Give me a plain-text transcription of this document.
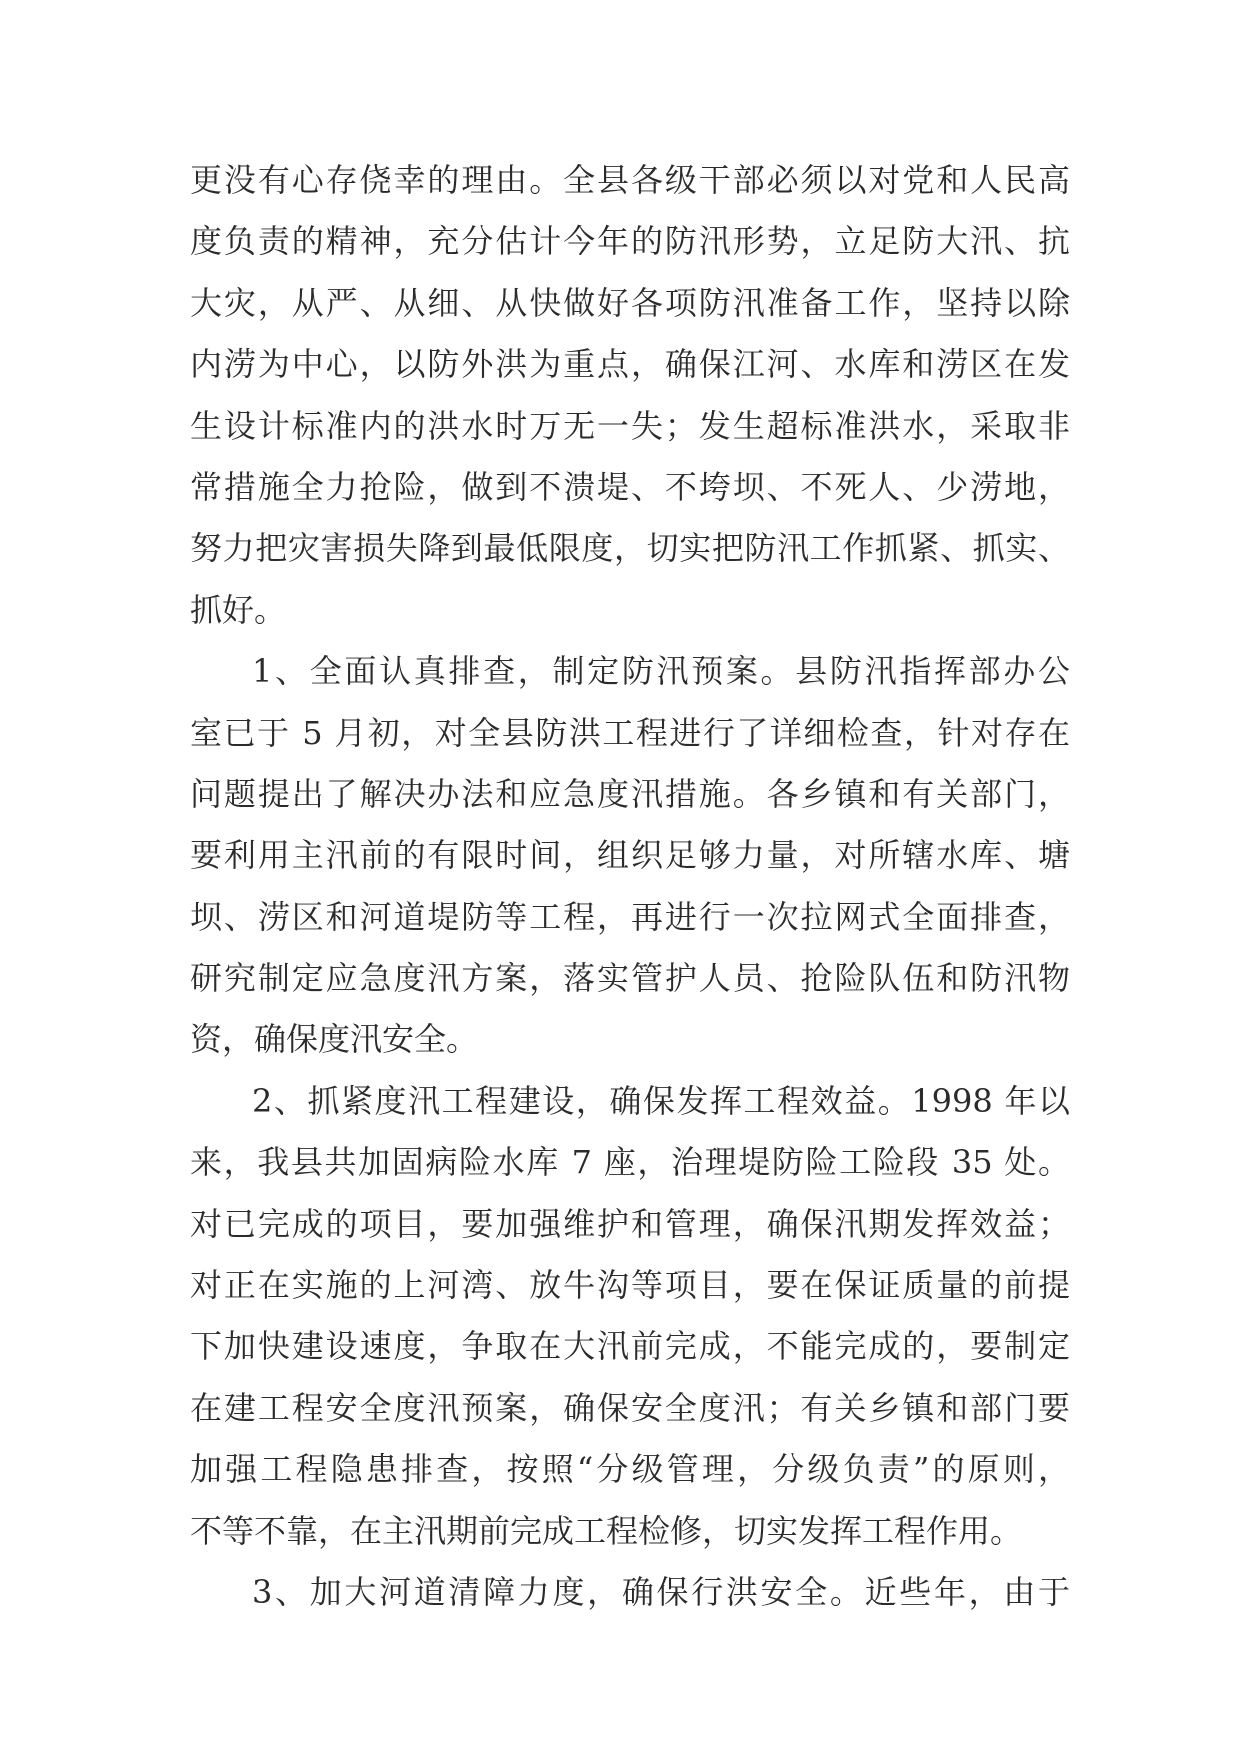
更没有心存侥幸的理由。全县各级干部必须以对党和人民高
度负责的精神，充分估计今年的防汛形势，立足防大汛、抗
大灾，从严、从细、从快做好各项防汛准备工作，坚持以除
内涝为中心，以防外洪为重点，确保江河、水库和涝区在发
生设计标准内的洪水时万无一失；发生超标准洪水，采取非
常措施全力抢险，做到不溃堤、不垮坝、不死人、少涝地，
努力把灾害损失降到最低限度，切实把防汛工作抓紧、抓实、
抓好。
1、全面认真排查，制定防汛预案。县防汛指挥部办公
室已于 5 月初，对全县防洪工程进行了详细检查，针对存在
问题提出了解决办法和应急度汛措施。各乡镇和有关部门，
要利用主汛前的有限时间，组织足够力量，对所辖水库、塘
坝、涝区和河道堤防等工程，再进行一次拉网式全面排查，
研究制定应急度汛方案，落实管护人员、抢险队伍和防汛物
资，确保度汛安全。
2、抓紧度汛工程建设，确保发挥工程效益。1998 年以
来，我县共加固病险水库 7 座，治理堤防险工险段 35 处。
对已完成的项目，要加强维护和管理，确保汛期发挥效益；
对正在实施的上河湾、放牛沟等项目，要在保证质量的前提
下加快建设速度，争取在大汛前完成，不能完成的，要制定
在建工程安全度汛预案，确保安全度汛；有关乡镇和部门要
加强工程隐患排查，按照“分级管理，分级负责”的原则，
不等不靠，在主汛期前完成工程检修，切实发挥工程作用。
3、加大河道清障力度，确保行洪安全。近些年，由于
